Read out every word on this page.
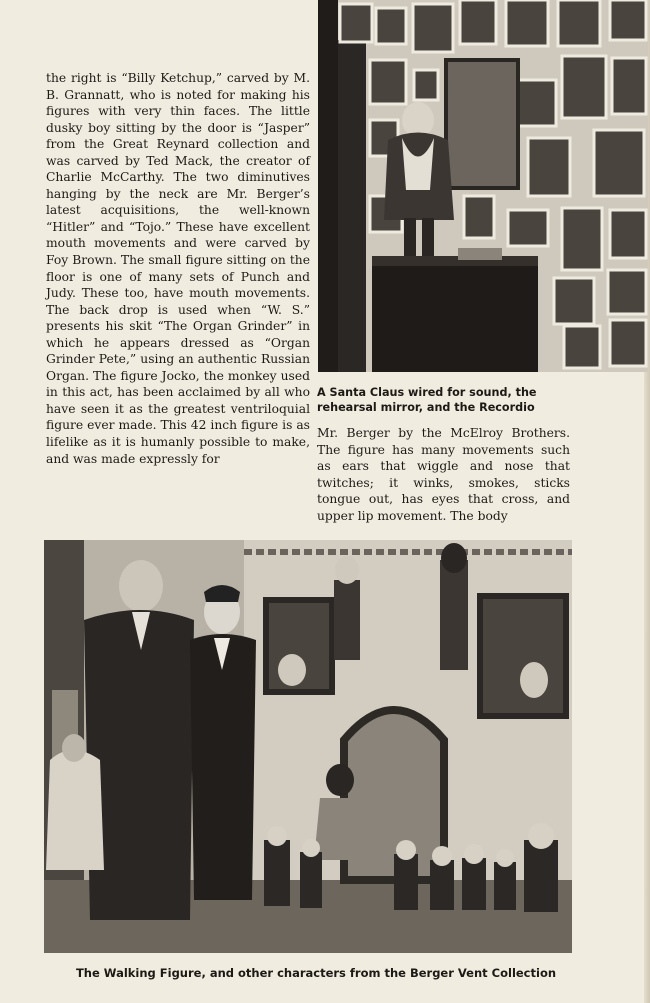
the right is “Billy Ketchup,” carved by M. B. Grannatt, who is noted for making his figures with very thin faces. The little dusky boy sitting by the door is “Jasper” from the Great Reynard collection and was carved by Ted Mack, the creator of Charlie McCarthy. The two diminutives hanging by the neck are Mr. Berger’s latest acquisitions, the well-known “Hitler” and “Tojo.” These have excellent mouth movements and were carved by Foy Brown. The small figure sitting on the floor is one of many sets of Punch and Judy. These too, have mouth movements. The back drop is used when “W. S.” presents his skit “The Organ Grinder” in which he appears dressed as “Organ Grinder Pete,” using an authentic Russian Organ. The figure Jocko, the monkey used in this act, has been acclaimed by all who have seen it as the greatest ventriloquial figure ever made. This 42 inch figure is as lifelike as it is humanly possible to make, and was made expressly for

A Santa Claus wired for sound, the rehearsal mirror, and the Recordio

Mr. Berger by the McElroy Brothers. The figure has many movements such as ears that wiggle and nose that twitches; it winks, smokes, sticks tongue out, has eyes that cross, and upper lip movement. The body

The Walking Figure, and other characters from the Berger Vent Collection
